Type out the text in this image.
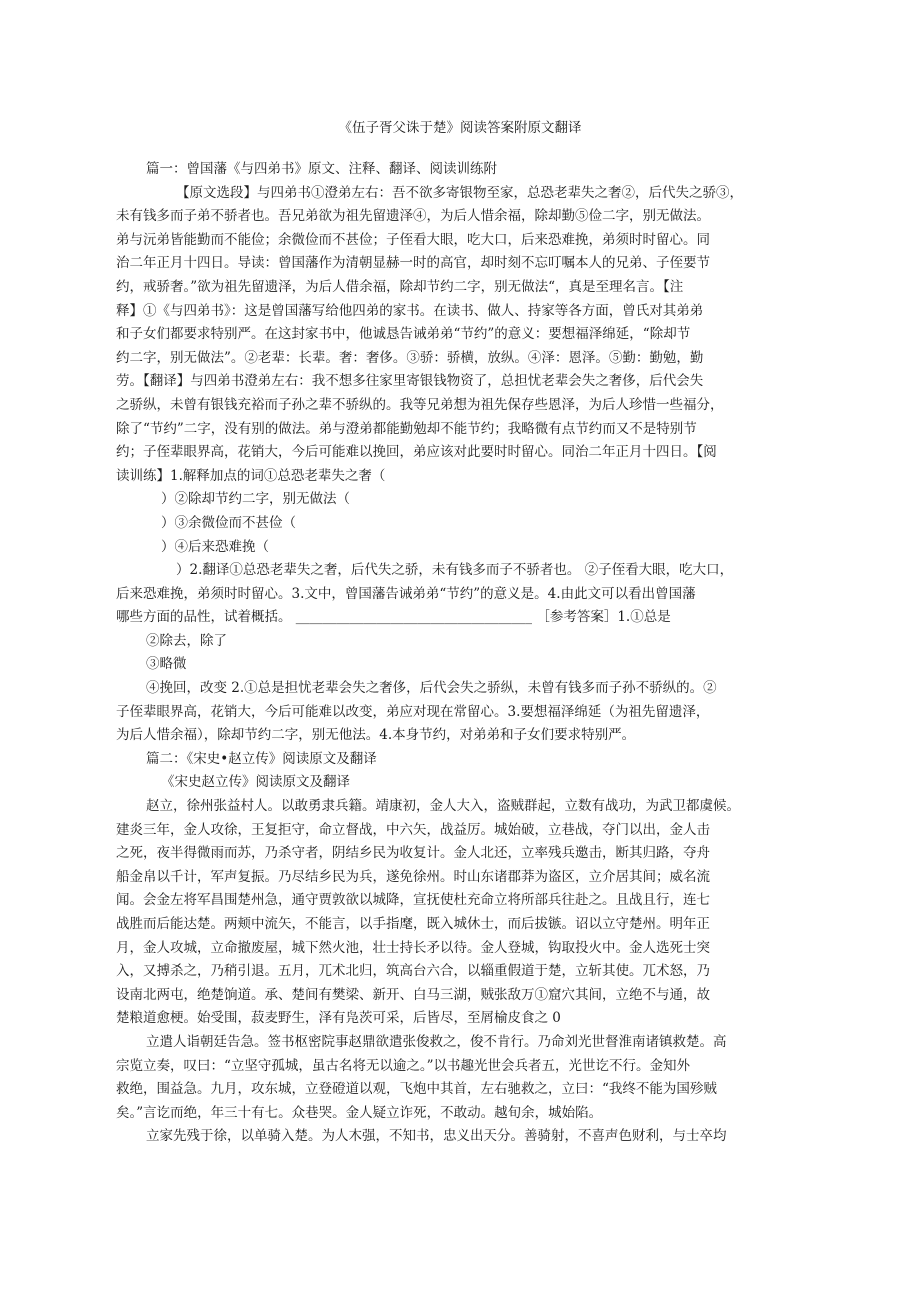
《伍子胥父诛于楚》阅读答案附原文翻译

篇一：曾国藩《与四弟书》原文、注释、翻译、阅读训练附

【原文选段】与四弟书①澄弟左右：吾不欲多寄银物至家，总恐老辈失之奢②，后代失之骄③，

未有钱多而子弟不骄者也。吾兄弟欲为祖先留遗泽④，为后人惜余福，除却勤⑤俭二字，别无做法。

弟与沅弟皆能勤而不能俭；余微俭而不甚俭；子侄看大眼，吃大口，后来恐难挽，弟须时时留心。同

治二年正月十四日。导读：曾国藩作为清朝显赫一时的高官，却时刻不忘叮嘱本人的兄弟、子侄要节

约，戒骄奢。”欲为祖先留遗泽，为后人借余福，除却节约二字，别无做法“，真是至理名言。【注

释】①《与四弟书》：这是曾国藩写给他四弟的家书。在读书、做人、持家等各方面，曾氏对其弟弟

和子女们都要求特别严。在这封家书中，他诚恳告诫弟弟“节约”的意义：要想福泽绵延，“除却节

约二字，别无做法”。②老辈：长辈。奢：奢侈。③骄：骄横，放纵。④泽：恩泽。⑤勤：勤勉，勤

劳。【翻译】与四弟书澄弟左右：我不想多往家里寄银钱物资了，总担忧老辈会失之奢侈，后代会失

之骄纵，未曾有银钱充裕而子孙之辈不骄纵的。我等兄弟想为祖先保存些恩泽，为后人珍惜一些福分，

除了“节约”二字，没有别的做法。弟与澄弟都能勤勉却不能节约；我略微有点节约而又不是特别节

约；子侄辈眼界高，花销大，今后可能难以挽回，弟应该对此要时时留心。同治二年正月十四日。【阅

读训练】1.解释加点的词①总恐老辈失之奢（

）②除却节约二字，别无做法（

）③余微俭而不甚俭（

）④后来恐难挽（

）2.翻译①总恐老辈失之奢，后代失之骄，未有钱多而子不骄者也。 ②子侄看大眼，吃大口，

后来恐难挽，弟须时时留心。3.文中，曾国藩告诫弟弟“节约”的意义是。4.由此文可以看出曾国藩

哪些方面的品性，试着概括。 ___________________________________ ［参考答案］1.①总是

②除去，除了

③略微

④挽回，改变 2.①总是担忧老辈会失之奢侈，后代会失之骄纵，未曾有钱多而子孙不骄纵的。②

子侄辈眼界高，花销大，今后可能难以改变，弟应对现在常留心。3.要想福泽绵延（为祖先留遗泽，

为后人惜余福），除却节约二字，别无他法。4.本身节约，对弟弟和子女们要求特别严。

篇二：《宋史•赵立传》阅读原文及翻译

《宋史赵立传》阅读原文及翻译

赵立，徐州张益村人。以敢勇隶兵籍。靖康初，金人大入，盗贼群起，立数有战功，为武卫都虞候。

建炎三年，金人攻徐，王复拒守，命立督战，中六矢，战益厉。城始破，立巷战，夺门以出，金人击

之死，夜半得微雨而苏，乃杀守者，阴结乡民为收复计。金人北还，立率残兵邀击，断其归路，夺舟

船金帛以千计，军声复振。乃尽结乡民为兵，遂免徐州。时山东诸郡莽为盗区，立介居其间；威名流

闻。会金左将军昌围楚州急，通守贾敦欲以城降，宣抚使杜充命立将所部兵往赴之。且战且行，连七

战胜而后能达楚。两颊中流矢，不能言，以手指麾，既入城休士，而后拔镞。诏以立守楚州。明年正

月，金人攻城，立命撤废屋，城下然火池，壮士持长矛以待。金人登城，钩取投火中。金人选死士突

入，又搏杀之，乃稍引退。五月，兀术北归，筑高台六合，以辎重假道于楚，立斩其使。兀术怒，乃

设南北两屯，绝楚饷道。承、楚间有樊梁、新开、白马三湖，贼张敌万①窟穴其间，立绝不与通，故

楚粮道愈梗。始受围，菽麦野生，泽有凫茨可采，后皆尽，至屑榆皮食之 0

立遣人诣朝廷告急。签书枢密院事赵鼎欲遣张俊救之，俊不肯行。乃命刘光世督淮南诸镇救楚。高

宗览立奏，叹曰：“立坚守孤城，虽古名将无以逾之。”以书趣光世会兵者五，光世讫不行。金知外

救绝，围益急。九月，攻东城，立登磴道以观，飞炮中其首，左右驰救之，立曰：“我终不能为国殄贼

矣。”言讫而绝，年三十有七。众巷哭。金人疑立诈死，不敢动。越旬余，城始陷。

立家先残于徐，以单骑入楚。为人木强，不知书，忠义出天分。善骑射，不喜声色财利，与士卒均
